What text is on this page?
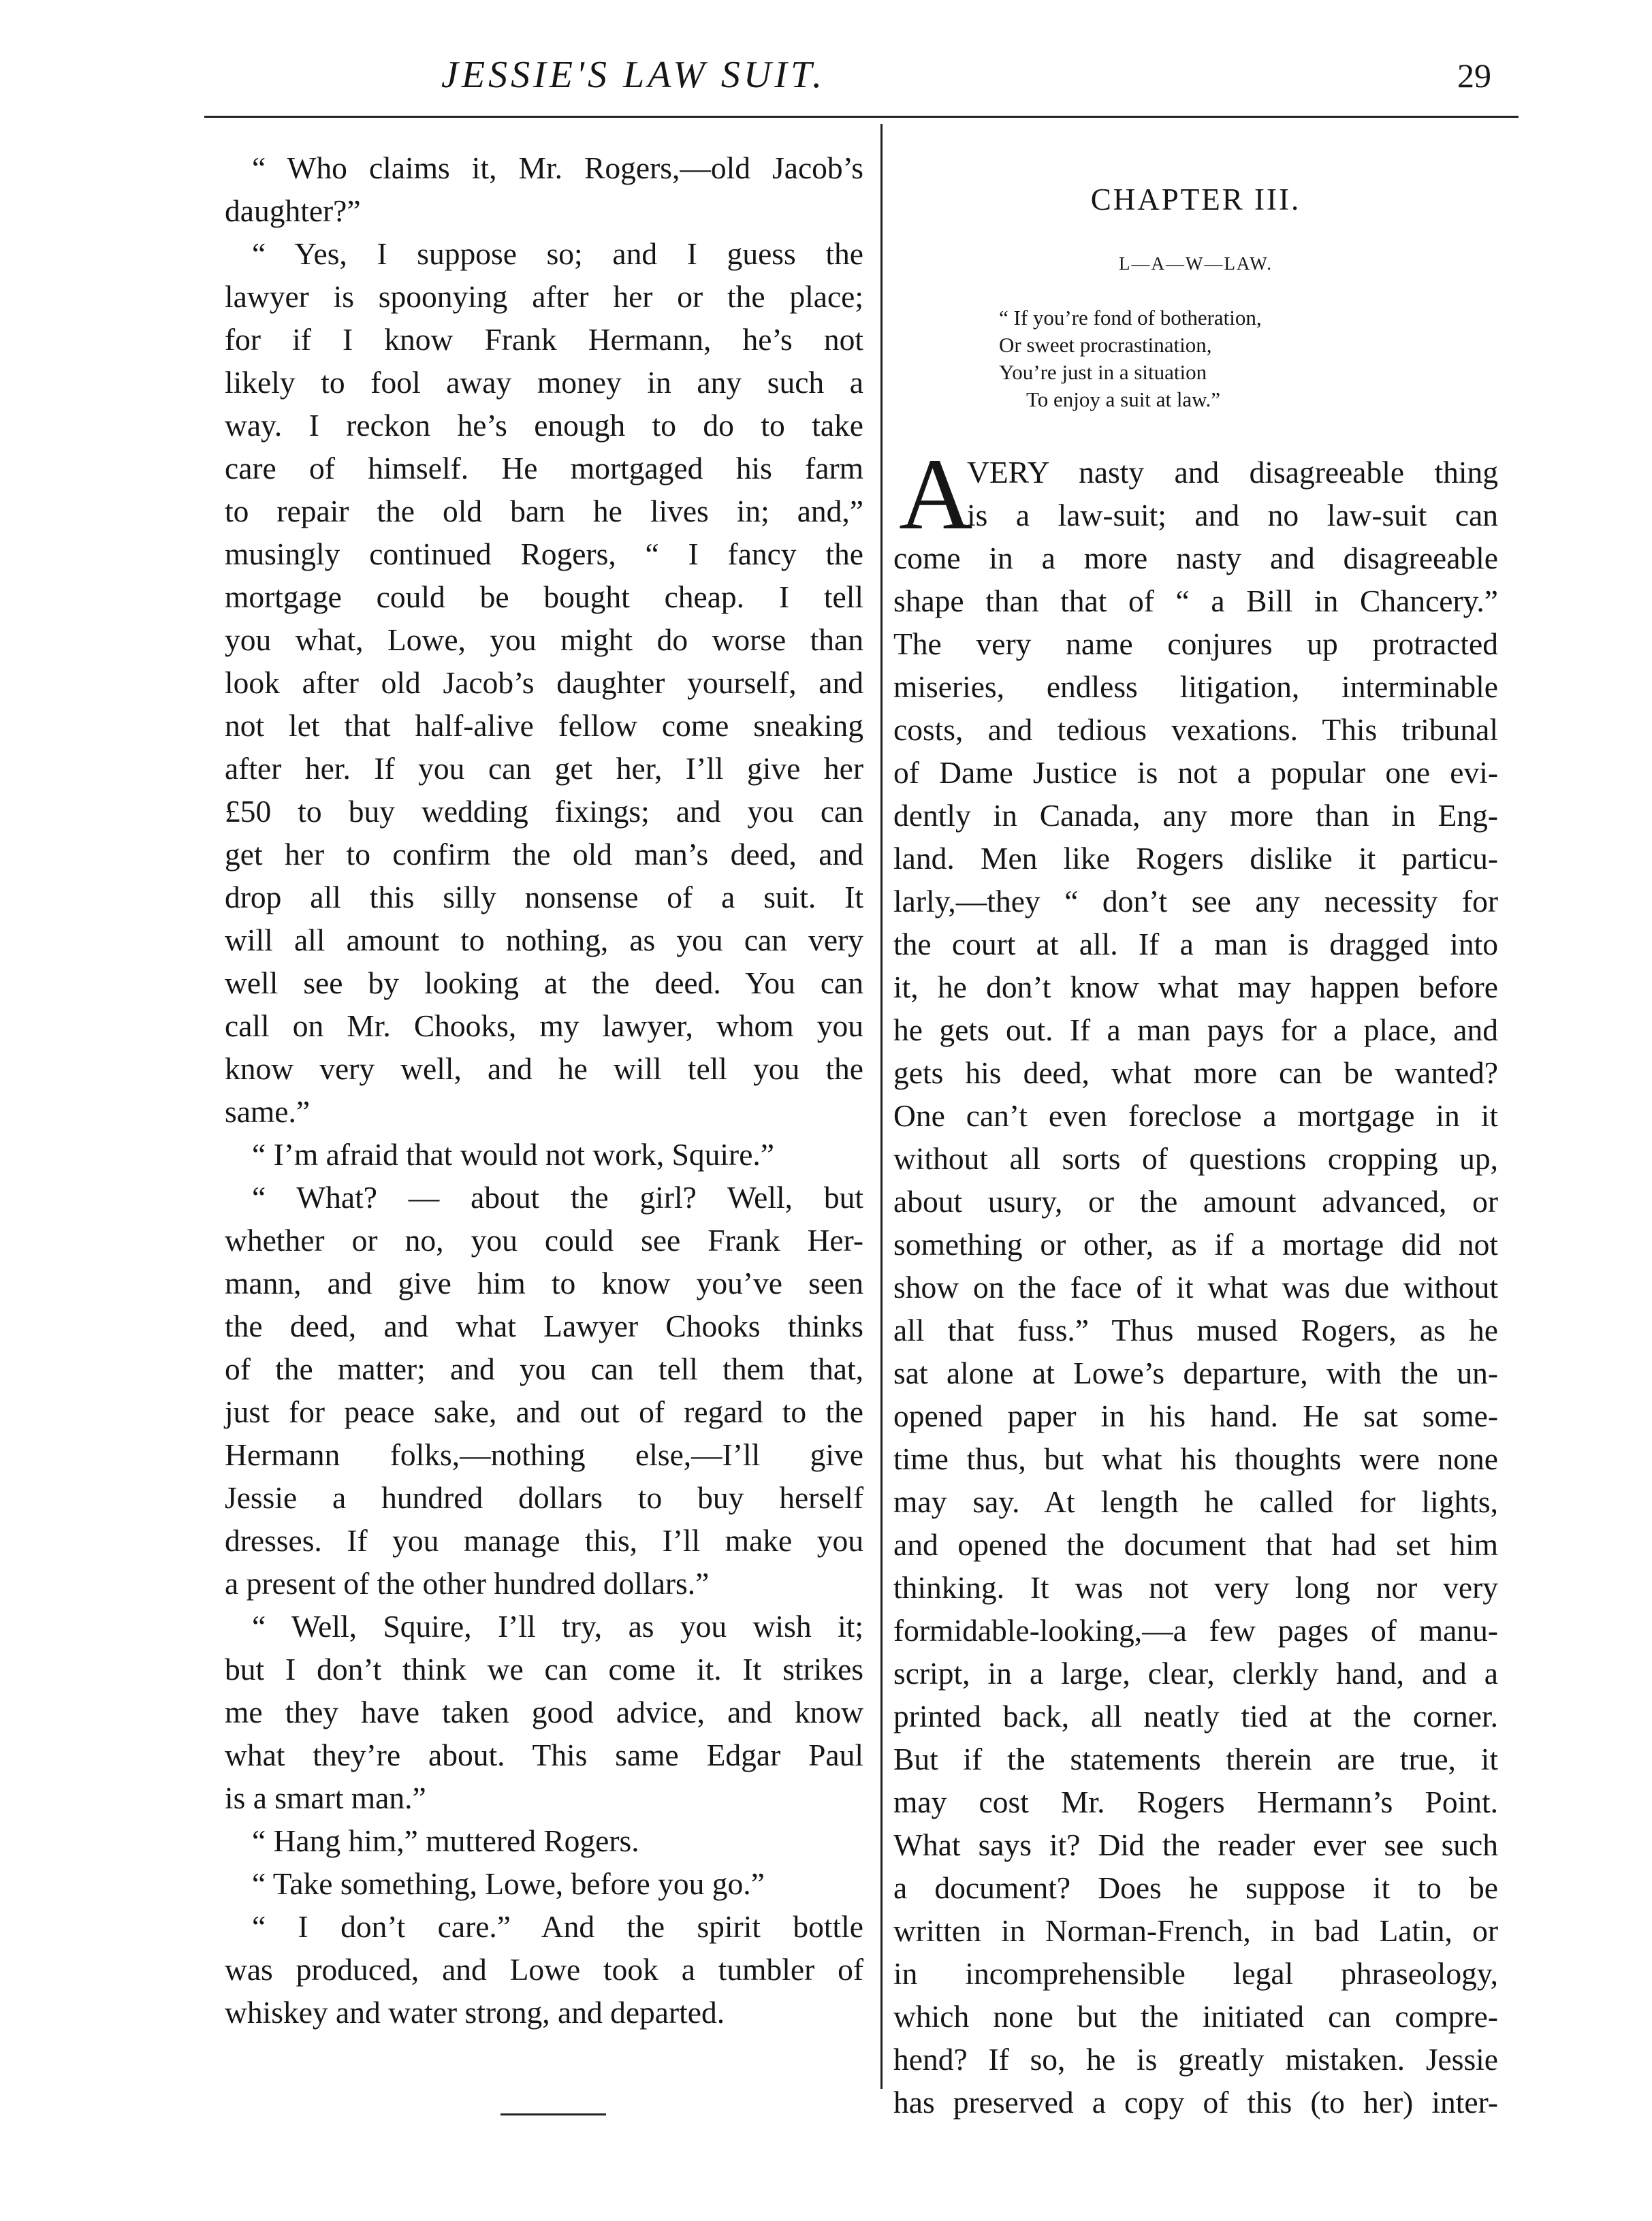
JESSIE'S LAW SUIT.	29
“ Who claims it, Mr. Rogers,—old Jacob’s
daughter?”
“ Yes, I suppose so; and I guess the
lawyer is spoonying after her or the place;
for if I know Frank Hermann, he’s not
likely to fool away money in any such a
way. I reckon he’s enough to do to take
care of himself. He mortgaged his farm
to repair the old barn he lives in; and,”
musingly continued Rogers, “ I fancy the
mortgage could be bought cheap. I tell
you what, Lowe, you might do worse than
look after old Jacob’s daughter yourself, and
not let that half-alive fellow come sneaking
after her. If you can get her, I’ll give her
£50 to buy wedding fixings; and you can
get her to confirm the old man’s deed, and
drop all this silly nonsense of a suit. It
will all amount to nothing, as you can very
well see by looking at the deed. You can
call on Mr. Chooks, my lawyer, whom you
know very well, and he will tell you the
same.”
“ I’m afraid that would not work, Squire.”
“ What? — about the girl? Well, but
whether or no, you could see Frank Her-
mann, and give him to know you’ve seen
the deed, and what Lawyer Chooks thinks
of the matter; and you can tell them that,
just for peace sake, and out of regard to the
Hermann folks,—nothing else,—I’ll give
Jessie a hundred dollars to buy herself
dresses. If you manage this, I’ll make you
a present of the other hundred dollars.”
“ Well, Squire, I’ll try, as you wish it;
but I don’t think we can come it. It strikes
me they have taken good advice, and know
what they’re about. This same Edgar Paul
is a smart man.”
“ Hang him,” muttered Rogers.
“ Take something, Lowe, before you go.”
“ I don’t care.” And the spirit bottle
was produced, and Lowe took a tumbler of
whiskey and water strong, and departed.
CHAPTER III.
L—A—W—LAW.
“ If you’re fond of botheration,
Or sweet procrastination,
You’re just in a situation
To enjoy a suit at law.”
A
VERY nasty and disagreeable thing
is a law-suit; and no law-suit can
come in a more nasty and disagreeable
shape than that of “ a Bill in Chancery.”
The very name conjures up protracted
miseries, endless litigation, interminable
costs, and tedious vexations. This tribunal
of Dame Justice is not a popular one evi-
dently in Canada, any more than in Eng-
land. Men like Rogers dislike it particu-
larly,—they “ don’t see any necessity for
the court at all. If a man is dragged into
it, he don’t know what may happen before
he gets out. If a man pays for a place, and
gets his deed, what more can be wanted?
One can’t even foreclose a mortgage in it
without all sorts of questions cropping up,
about usury, or the amount advanced, or
something or other, as if a mortage did not
show on the face of it what was due without
all that fuss.” Thus mused Rogers, as he
sat alone at Lowe’s departure, with the un-
opened paper in his hand. He sat some-
time thus, but what his thoughts were none
may say. At length he called for lights,
and opened the document that had set him
thinking. It was not very long nor very
formidable-looking,—a few pages of manu-
script, in a large, clear, clerkly hand, and a
printed back, all neatly tied at the corner.
But if the statements therein are true, it
may cost Mr. Rogers Hermann’s Point.
What says it? Did the reader ever see such
a document? Does he suppose it to be
written in Norman-French, in bad Latin, or
in incomprehensible legal phraseology,
which none but the initiated can compre-
hend? If so, he is greatly mistaken. Jessie
has preserved a copy of this (to her) inter-
